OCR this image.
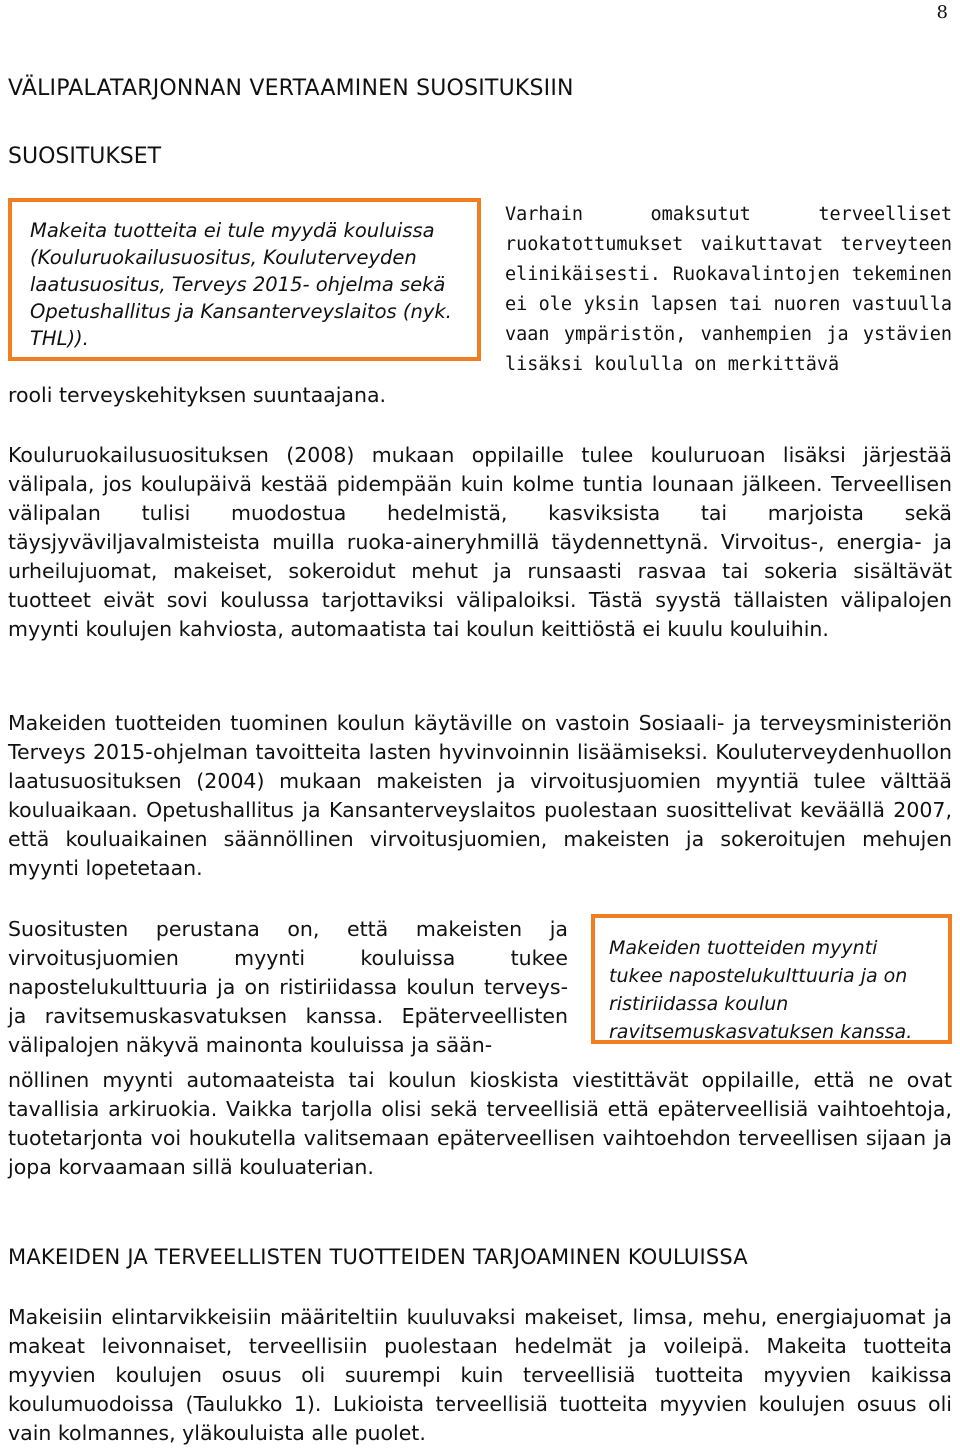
8
VÄLIPALATARJONNAN VERTAAMINEN SUOSITUKSIIN
SUOSITUKSET

Makeita tuotteita ei tule myydä kouluissa (Kouluruokailusuositus, Kouluterveyden laatusuositus, Terveys 2015- ohjelma sekä Opetushallitus ja Kansanterveyslaitos (nyk. THL)).

rooli terveyskehityksen suuntaajana.

Varhain omaksutut terveelliset ruokatottumukset vaikuttavat terveyteen elinikäisesti. Ruokavalintojen tekeminen ei ole yksin lapsen tai nuoren vastuulla vaan ympäristön, vanhempien ja ystävien lisäksi koululla on merkittävä

Kouluruokailusuosituksen (2008) mukaan oppilaille tulee kouluruoan lisäksi järjestää välipala, jos koulupäivä kestää pidempään kuin kolme tuntia lounaan jälkeen. Terveellisen välipalan tulisi muodostua hedelmistä, kasviksista tai marjoista sekä täysjyväviljavalmisteista muilla ruoka-aineryhmillä täydennettynä. Virvoitus-, energia- ja urheilujuomat, makeiset, sokeroidut mehut ja runsaasti rasvaa tai sokeria sisältävät tuotteet eivät sovi koulussa tarjottaviksi välipaloiksi. Tästä syystä tällaisten välipalojen myynti koulujen kahviosta, automaatista tai koulun keittiöstä ei kuulu kouluihin.

Makeiden tuotteiden tuominen koulun käytäville on vastoin Sosiaali- ja terveysministeriön Terveys 2015-ohjelman tavoitteita lasten hyvinvoinnin lisäämiseksi. Kouluterveydenhuollon laatusuosituksen (2004) mukaan makeisten ja virvoitusjuomien myyntiä tulee välttää kouluaikaan. Opetushallitus ja Kansanterveyslaitos puolestaan suosittelivat keväällä 2007, että kouluaikainen säännöllinen virvoitusjuomien, makeisten ja sokeroitujen mehujen myynti lopetetaan.

Suositusten perustana on, että makeisten ja virvoitusjuomien myynti kouluissa tukee napostelukulttuuria ja on ristiriidassa koulun terveys- ja ravitsemuskasvatuksen kanssa. Epäterveellisten välipalojen näkyvä mainonta kouluissa ja sään-

Makeiden tuotteiden myynti tukee napostelukulttuuria ja on ristiriidassa koulun ravitsemuskasvatuksen kanssa.

nöllinen myynti automaateista tai koulun kioskista viestittävät oppilaille, että ne ovat tavallisia arkiruokia. Vaikka tarjolla olisi sekä terveellisiä että epäterveellisiä vaihtoehtoja, tuotetarjonta voi houkutella valitsemaan epäterveellisen vaihtoehdon terveellisen sijaan ja jopa korvaamaan sillä kouluaterian.

MAKEIDEN JA TERVEELLISTEN TUOTTEIDEN TARJOAMINEN KOULUISSA

Makeisiin elintarvikkeisiin määriteltiin kuuluvaksi makeiset, limsa, mehu, energiajuomat ja makeat leivonnaiset, terveellisiin puolestaan hedelmät ja voileipä. Makeita tuotteita myyvien koulujen osuus oli suurempi kuin terveellisiä tuotteita myyvien kaikissa koulumuodoissa (Taulukko 1). Lukioista terveellisiä tuotteita myyvien koulujen osuus oli vain kolmannes, yläkouluista alle puolet.
